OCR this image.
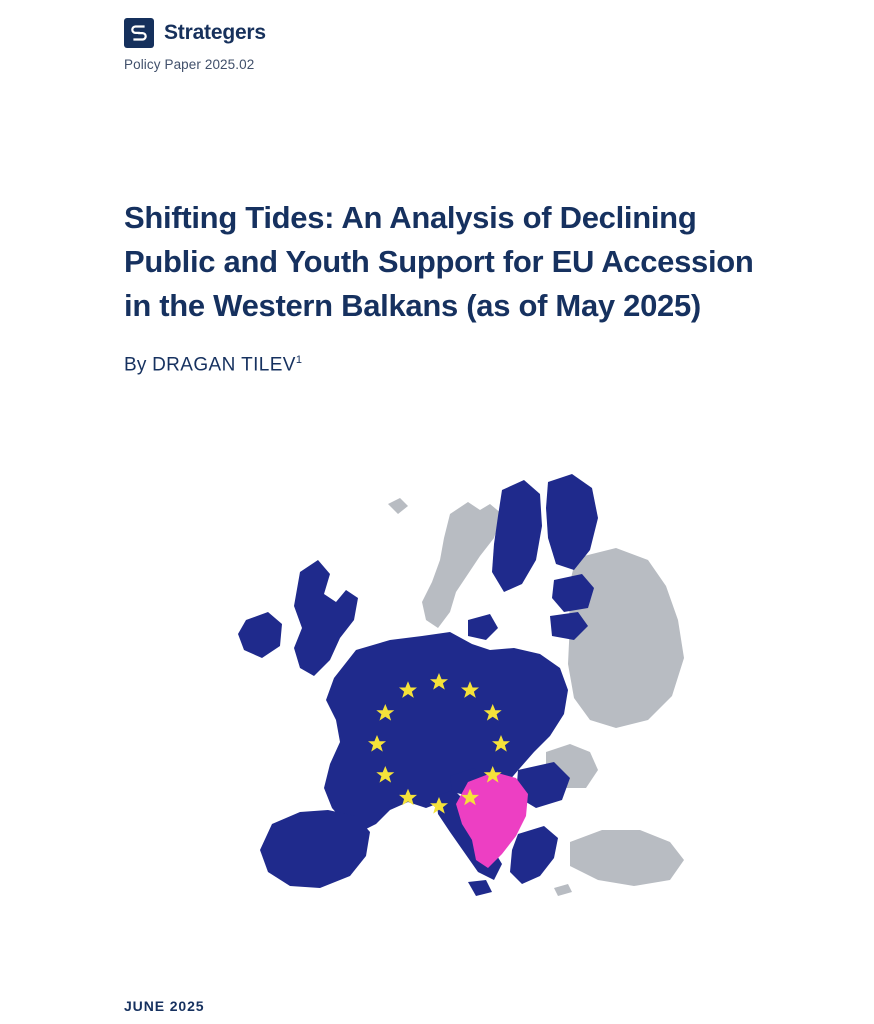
Strategers
Policy Paper 2025.02
Shifting Tides: An Analysis of Declining Public and Youth Support for EU Accession in the Western Balkans (as of May 2025)
By DRAGAN TILEV$^1$
JUNE 2025
